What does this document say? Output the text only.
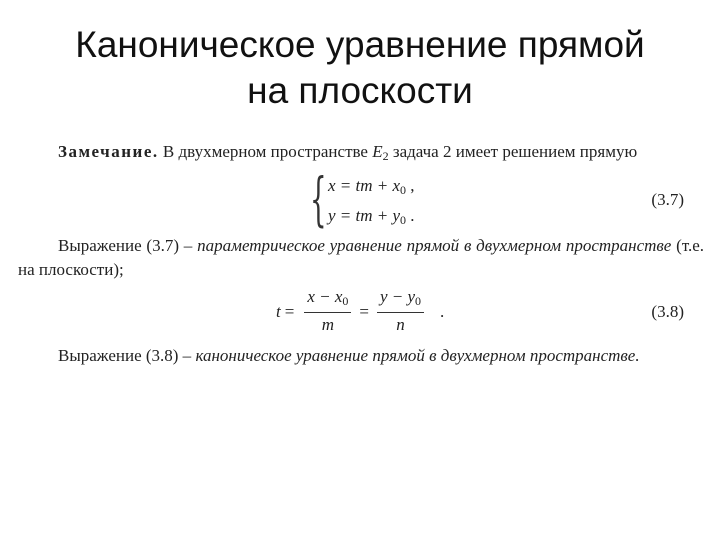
Каноническое уравнение прямой
на плоскости

Замечание. В двухмерном пространстве $E_2$ задача 2 имеет решением прямую

{ x = tm + $x_0$ ,
y = tm + $y_0$ .
(3.7)

Выражение (3.7) – параметрическое уравнение прямой в двухмерном пространстве (т.е. на плоскости);

$t = \frac{x - x_0}{m} = \frac{y - y_0}{n}$ .	(3.8)

Выражение (3.8) – каноническое уравнение прямой в двухмерном пространстве.
